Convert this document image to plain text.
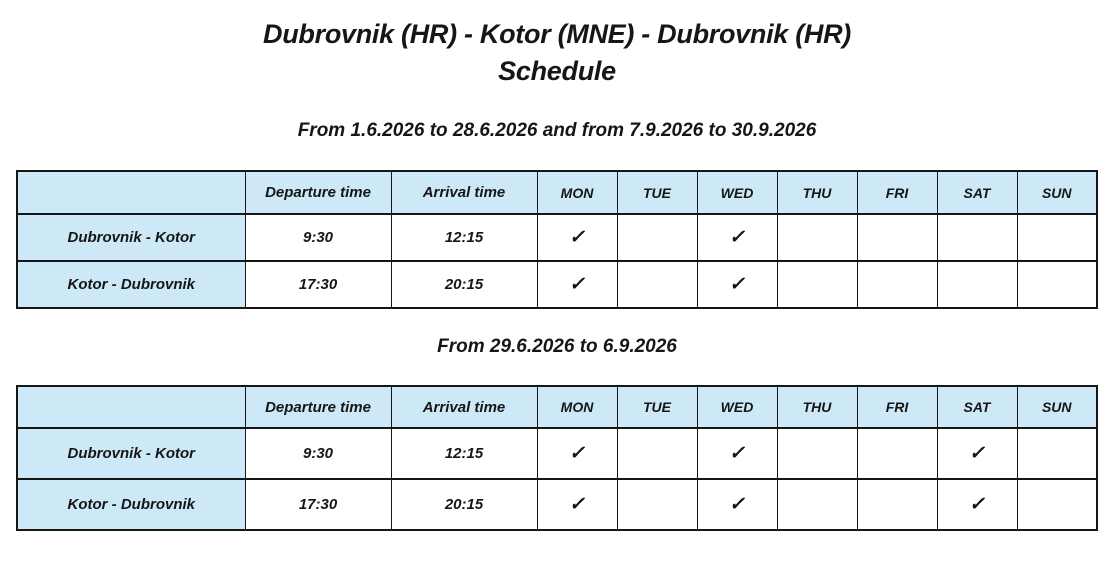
Dubrovnik (HR) - Kotor (MNE) - Dubrovnik (HR)
Schedule
From 1.6.2026 to 28.6.2026 and from 7.9.2026 to 30.9.2026
	Departure time	Arrival time	MON	TUE	WED	THU	FRI	SAT	SUN
Dubrovnik - Kotor	9:30	12:15	✓		✓				
Kotor - Dubrovnik	17:30	20:15	✓		✓				
From 29.6.2026 to 6.9.2026
	Departure time	Arrival time	MON	TUE	WED	THU	FRI	SAT	SUN
Dubrovnik - Kotor	9:30	12:15	✓		✓			✓	
Kotor - Dubrovnik	17:30	20:15	✓		✓			✓	
